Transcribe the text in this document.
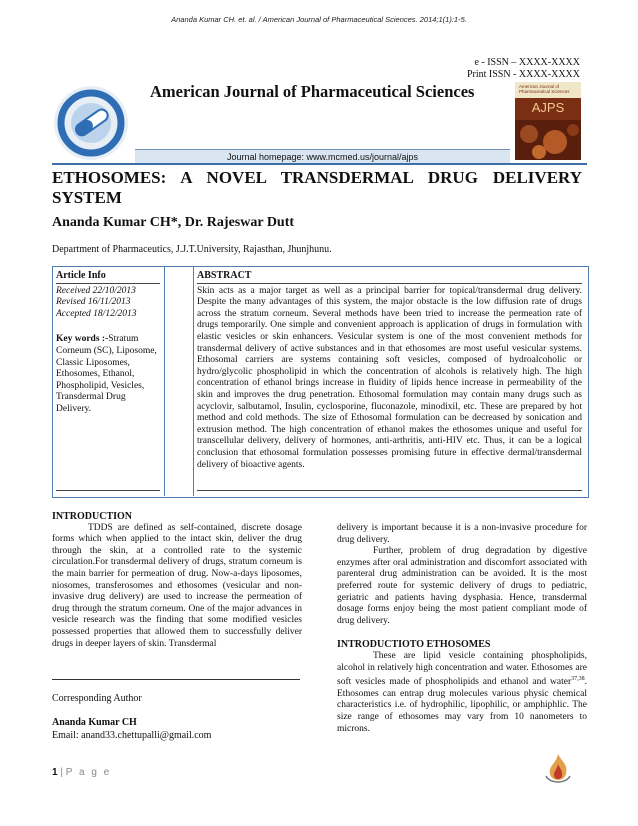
Ananda Kumar CH. et. al. / American Journal of Pharmaceutical Sciences. 2014;1(1):1-5.
e - ISSN – XXXX-XXXX
Print ISSN - XXXX-XXXX
American Journal of Pharmaceutical Sciences	American Journal of Pharmaceutical Sciences
AJPS
Journal homepage: www.mcmed.us/journal/ajps
ETHOSOMES: A NOVEL TRANSDERMAL DRUG DELIVERY
SYSTEM
Ananda Kumar CH*, Dr. Rajeswar Dutt
Department of Pharmaceutics, J.J.T.University, Rajasthan, Jhunjhunu.
Article Info
Received 22/10/2013
Revised 16/11/2013
Accepted 18/12/2013
Key words :-Stratum Corneum (SC), Liposome, Classic Liposomes, Ethosomes, Ethanol, Phospholipid, Vesicles, Transdermal Drug Delivery.
ABSTRACT
Skin acts as a major target as well as a principal barrier for topical/transdermal drug delivery. Despite the many advantages of this system, the major obstacle is the low diffusion rate of drugs across the stratum corneum. Several methods have been tried to increase the permeation rate of drugs temporarily. One simple and convenient approach is application of drugs in formulation with elastic vesicles or skin enhancers. Vesicular system is one of the most convenient methods for transdermal delivery of active substances and in that ethosomes are most useful vesicular systems. Ethosomal carriers are systems containing soft vesicles, composed of hydroalcoholic or hydro/glycolic phospholipid in which the concentration of alcohols is relatively high. The high concentration of ethanol brings increase in fluidity of lipids hence increase in permeability of the skin and improves the drug penetration. Ethosomal formulation may contain many drugs such as acyclovir, salbutamol, Insulin, cyclosporine, fluconazole, minodixil, etc. These are prepared by hot method and cold methods. The size of Ethosomal formulation can be decreased by sonication and extrusion method. The high concentration of ethanol makes the ethosomes unique and useful for transcellular delivery, delivery of hormones, anti-arthritis, anti-HIV etc. Thus, it can be a logical conclusion that ethosomal formulation possesses promising future in effective dermal/transdermal delivery of bioactive agents.
INTRODUCTION
TDDS are defined as self-contained, discrete dosage forms which when applied to the intact skin, deliver the drug through the skin, at a controlled rate to the systemic circulation.For transdermal delivery of drugs, stratum corneum is the main barrier for permeation of drug. Now-a-days liposomes, niosomes, transferosomes and ethosomes (vesicular and non- invasive drug delivery) are used to increase the permeation of drug through the stratum corneum. One of the major advances in vesicle research was the finding that some modified vesicles possessed properties that allowed them to successfully deliver drugs in deeper layers of skin. Transdermal
Corresponding Author
Ananda Kumar CH
Email: anand33.chettupalli@gmail.com
delivery is important because it is a non-invasive procedure for drug delivery.
Further, problem of drug degradation by digestive enzymes after oral administration and discomfort associated with parenteral drug administration can be avoided. It is the most preferred route for systemic delivery of drugs to pediatric, geriatric and patients having dysphasia. Hence, transdermal dosage forms enjoy being the most patient compliant mode of drug delivery.
INTRODUCTIOTO ETHOSOMES
These are lipid vesicle containing phospholipids, alcohol in relatively high concentration and water. Ethosomes are soft vesicles made of phospholipids and ethanol and water$^{37,38}$. Ethosomes can entrap drug molecules various physic chemical characteristics i.e. of hydrophilic, lipophilic, or amphiphlic. The size range of ethosomes may vary from 10 nanometers to microns.
1 | P a g e
